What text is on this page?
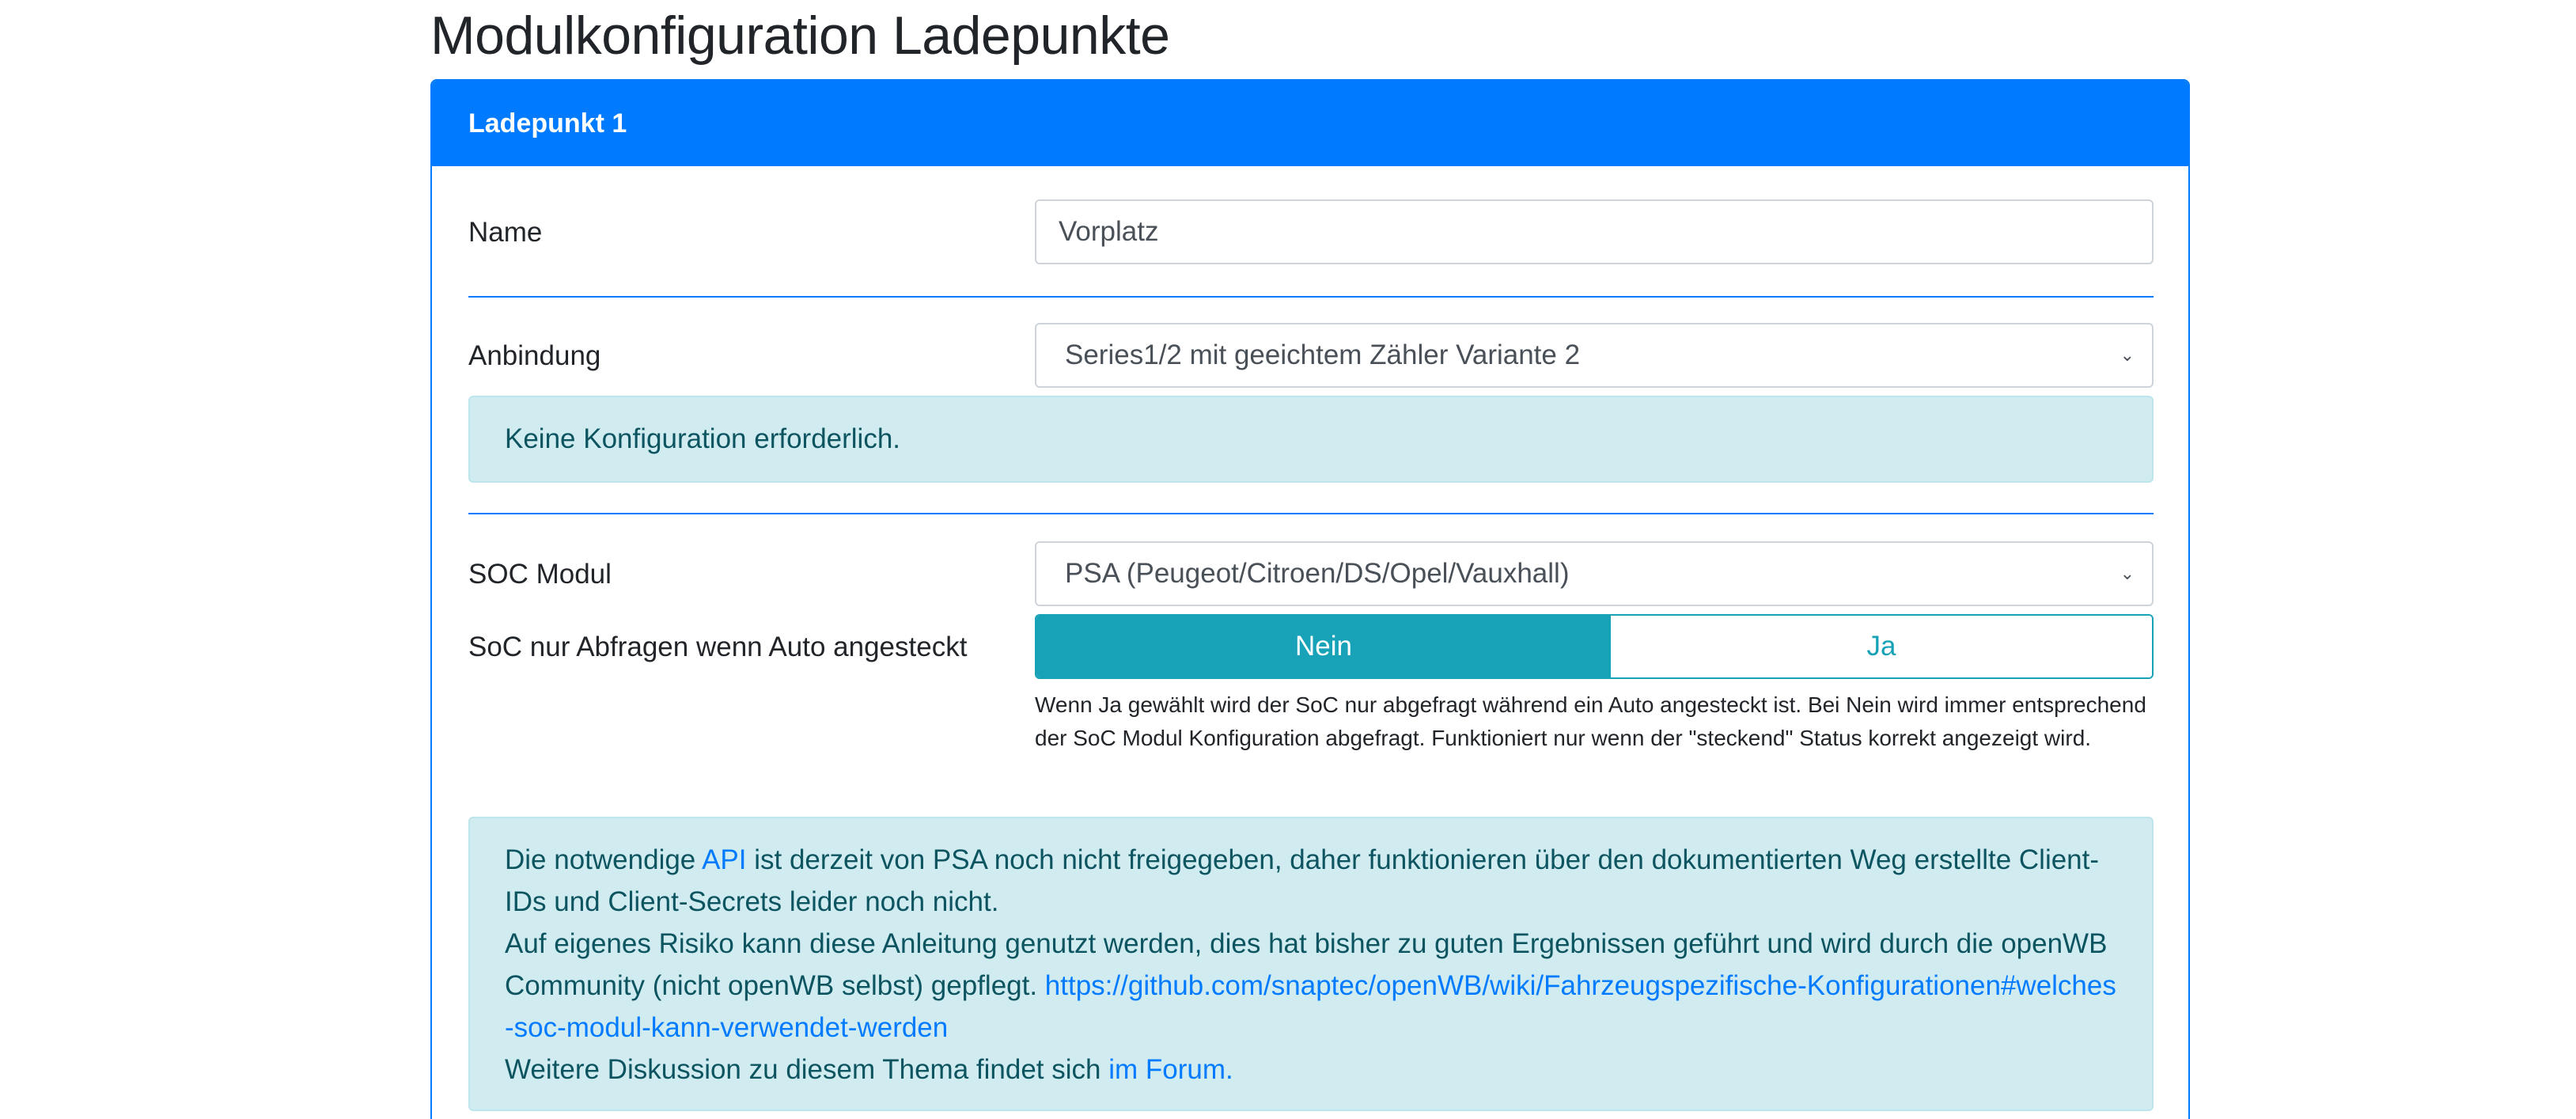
Modulkonfiguration Ladepunkte
Ladepunkt 1
Name	Vorplatz
Anbindung	Series1/2 mit geeichtem Zähler Variante 2	⌄
Keine Konfiguration erforderlich.
SOC Modul	PSA (Peugeot/Citroen/DS/Opel/Vauxhall)	⌄
SoC nur Abfragen wenn Auto angesteckt	Nein	Ja
Wenn Ja gewählt wird der SoC nur abgefragt während ein Auto angesteckt ist. Bei Nein wird immer entsprechend der SoC Modul Konfiguration abgefragt. Funktioniert nur wenn der "steckend" Status korrekt angezeigt wird.

Die notwendige API ist derzeit von PSA noch nicht freigegeben, daher funktionieren über den dokumentierten Weg erstellte Client-IDs und Client-Secrets leider noch nicht.

Auf eigenes Risiko kann diese Anleitung genutzt werden, dies hat bisher zu guten Ergebnissen geführt und wird durch die openWB Community (nicht openWB selbst) gepflegt. https://github.com/snaptec/openWB/wiki/Fahrzeugspezifische-Konfigurationen#welches-soc-modul-kann-verwendet-werden

Weitere Diskussion zu diesem Thema findet sich im Forum.
